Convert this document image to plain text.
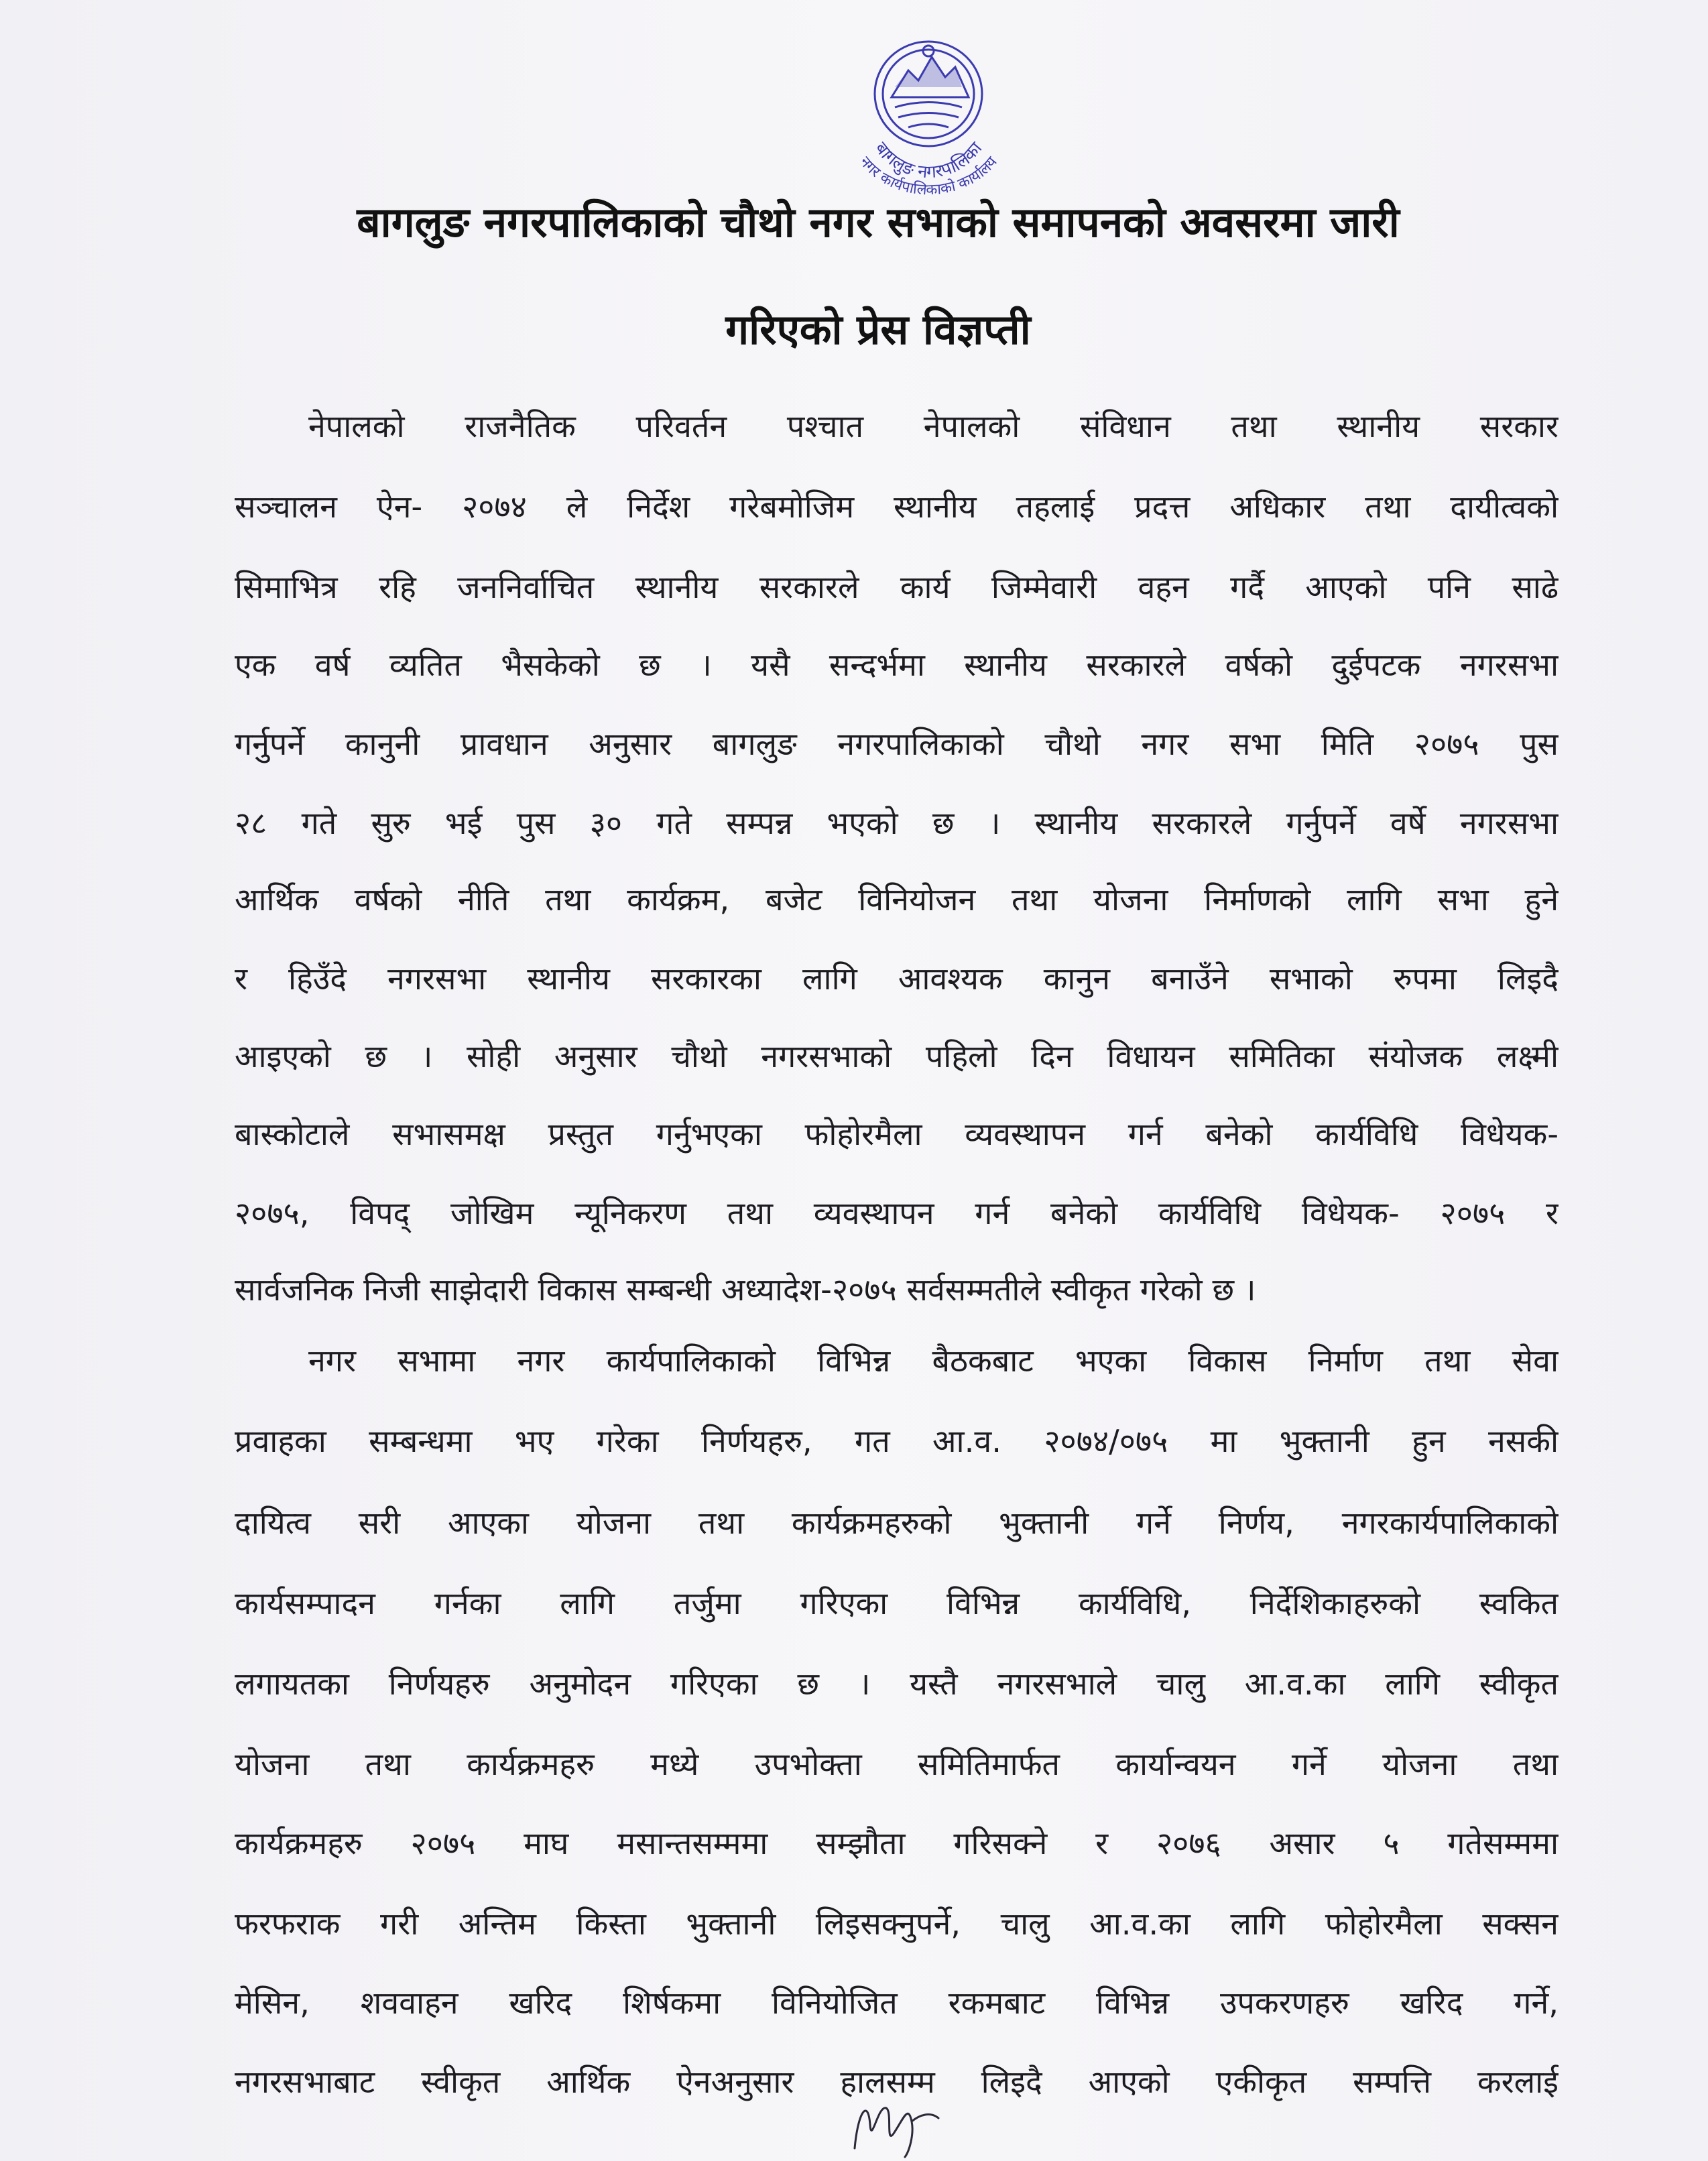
बागलुङ नगरपालिका
नगर कार्यपालिकाको कार्यालय
बागलुङ नगरपालिकाको चौथो नगर सभाको समापनको अवसरमा जारी
गरिएको प्रेस विज्ञप्ती
नेपालको राजनैतिक परिवर्तन पश्चात नेपालको संविधान तथा स्थानीय सरकार
सञ्चालन ऐन- २०७४ ले निर्देश गरेबमोजिम स्थानीय तहलाई प्रदत्त अधिकार तथा दायीत्वको
सिमाभित्र रहि जननिर्वाचित स्थानीय सरकारले कार्य जिम्मेवारी वहन गर्दै आएको पनि साढे
एक वर्ष व्यतित भैसकेको छ । यसै सन्दर्भमा स्थानीय सरकारले वर्षको दुईपटक नगरसभा
गर्नुपर्ने कानुनी प्रावधान अनुसार बागलुङ नगरपालिकाको चौथो नगर सभा मिति २०७५ पुस
२८ गते सुरु भई पुस ३० गते सम्पन्न भएको छ । स्थानीय सरकारले गर्नुपर्ने वर्षे नगरसभा
आर्थिक वर्षको नीति तथा कार्यक्रम, बजेट विनियोजन तथा योजना निर्माणको लागि सभा हुने
र हिउँदे नगरसभा स्थानीय सरकारका लागि आवश्यक कानुन बनाउँने सभाको रुपमा लिइदै
आइएको छ । सोही अनुसार चौथो नगरसभाको पहिलो दिन विधायन समितिका संयोजक लक्ष्मी
बास्कोटाले सभासमक्ष प्रस्तुत गर्नुभएका फोहोरमैला व्यवस्थापन गर्न बनेको कार्यविधि विधेयक-
२०७५, विपद् जोखिम न्यूनिकरण तथा व्यवस्थापन गर्न बनेको कार्यविधि विधेयक- २०७५ र
सार्वजनिक निजी साझेदारी विकास सम्बन्धी अध्यादेश-२०७५ सर्वसम्मतीले स्वीकृत गरेको छ ।
नगर सभामा नगर कार्यपालिकाको विभिन्न बैठकबाट भएका विकास निर्माण तथा सेवा
प्रवाहका सम्बन्धमा भए गरेका निर्णयहरु, गत आ.व. २०७४/०७५ मा भुक्तानी हुन नसकी
दायित्व सरी आएका योजना तथा कार्यक्रमहरुको भुक्तानी गर्ने निर्णय, नगरकार्यपालिकाको
कार्यसम्पादन गर्नका लागि तर्जुमा गरिएका विभिन्न कार्यविधि, निर्देशिकाहरुको स्वकित
लगायतका निर्णयहरु अनुमोदन गरिएका छ । यस्तै नगरसभाले चालु आ.व.का लागि स्वीकृत
योजना तथा कार्यक्रमहरु मध्ये उपभोक्ता समितिमार्फत कार्यान्वयन गर्ने योजना तथा
कार्यक्रमहरु २०७५ माघ मसान्तसम्ममा सम्झौता गरिसक्ने र २०७६ असार ५ गतेसम्ममा
फरफराक गरी अन्तिम किस्ता भुक्तानी लिइसक्नुपर्ने, चालु आ.व.का लागि फोहोरमैला सक्सन
मेसिन, शववाहन खरिद शिर्षकमा विनियोजित रकमबाट विभिन्न उपकरणहरु खरिद गर्ने,
नगरसभाबाट स्वीकृत आर्थिक ऐनअनुसार हालसम्म लिइदै आएको एकीकृत सम्पत्ति करलाई
